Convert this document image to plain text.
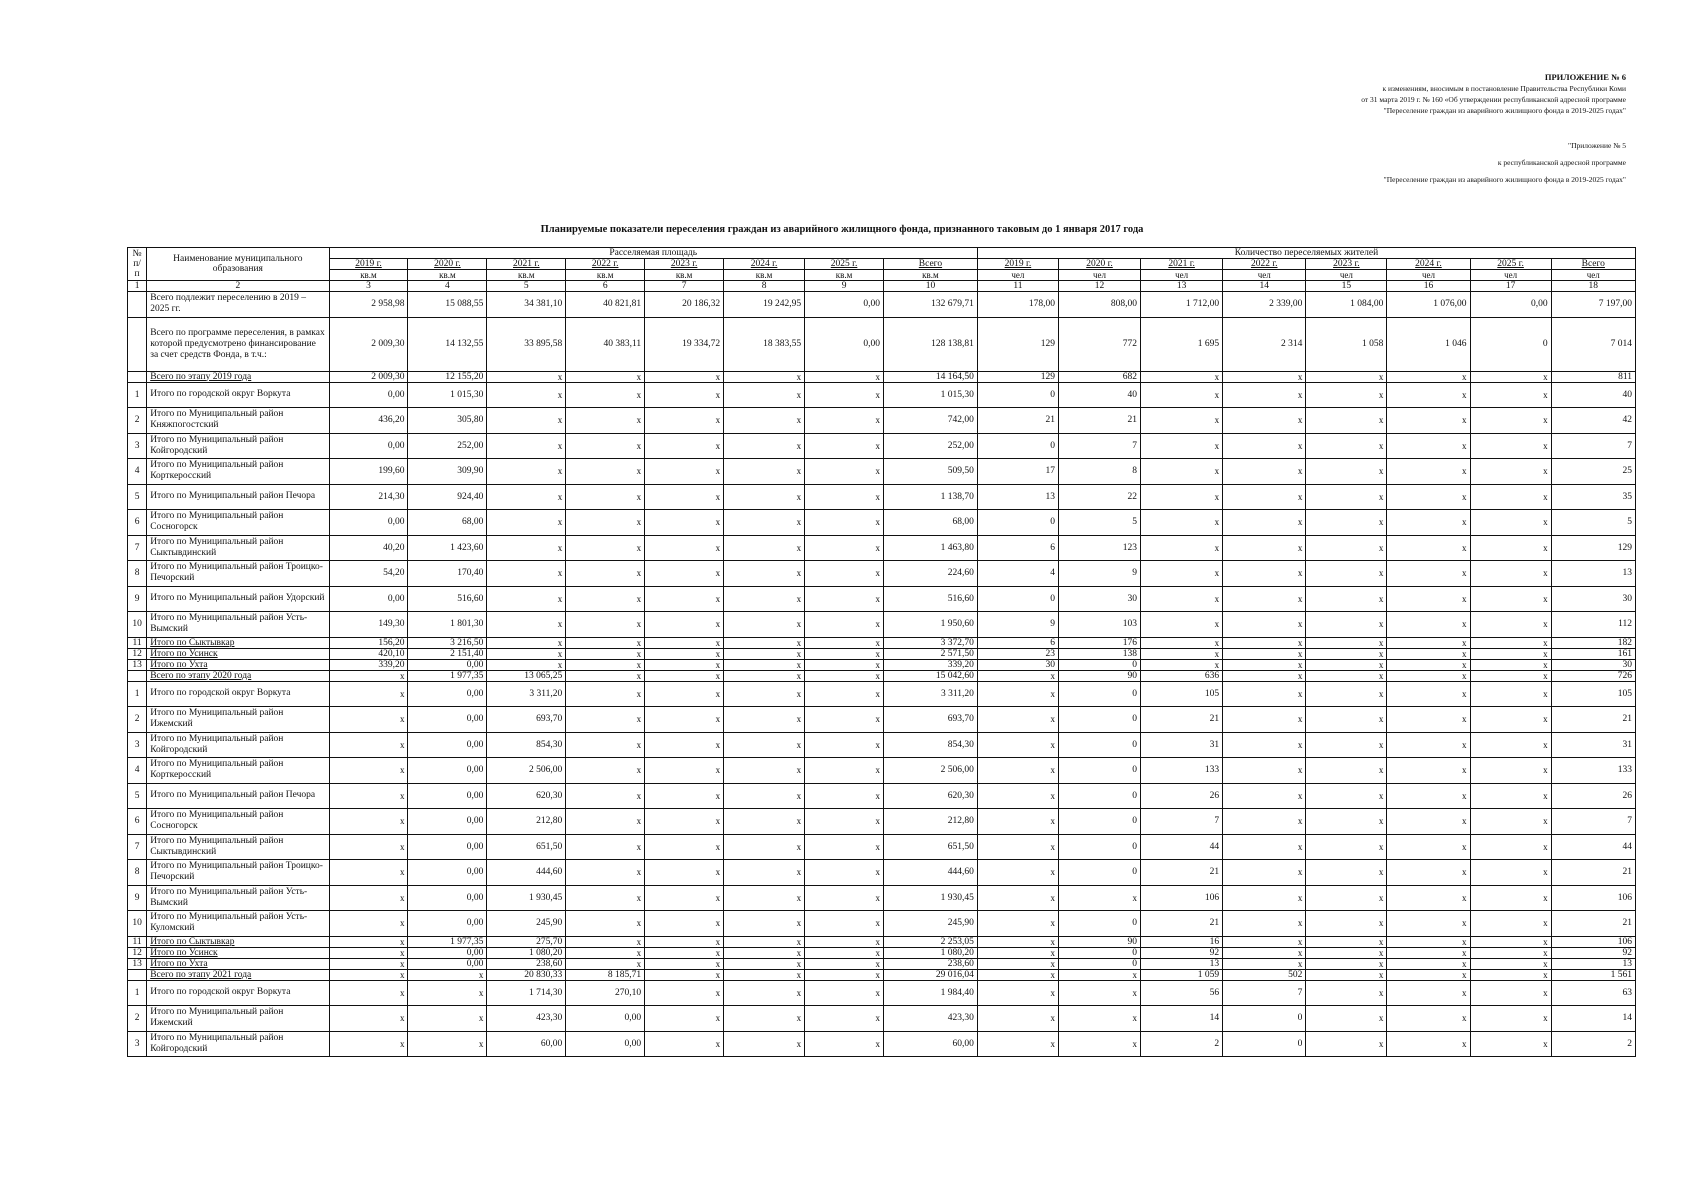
ПРИЛОЖЕНИЕ № 6
к изменениям, вносимым в постановление Правительства Республики Коми
от 31 марта 2019 г. № 160 «Об утверждении республиканской адресной программе
"Переселение граждан из аварийного жилищного фонда в 2019-2025 годах"
"Приложение № 5
к республиканской адресной программе
"Переселение граждан из аварийного жилищного фонда в 2019-2025 годах"
Планируемые показатели переселения граждан из аварийного жилищного фонда, признанного таковым до 1 января 2017 года
№ п/п	Наименование муниципального образования	Расселяемая площадь								Количество переселяемых жителей							
		2019 г.	2020 г.	2021 г.	2022 г.	2023 г.	2024 г.	2025 г.	Всего	2019 г.	2020 г.	2021 г.	2022 г.	2023 г.	2024 г.	2025 г.	Всего
		кв.м	кв.м	кв.м	кв.м	кв.м	кв.м	кв.м	кв.м	чел	чел	чел	чел	чел	чел	чел	чел
1	2	3	4	5	6	7	8	9	10	11	12	13	14	15	16	17	18
	Всего подлежит переселению в 2019 – 2025 гг.	2 958,98	15 088,55	34 381,10	40 821,81	20 186,32	19 242,95	0,00	132 679,71	178,00	808,00	1 712,00	2 339,00	1 084,00	1 076,00	0,00	7 197,00
	Всего по программе переселения, в рамках которой предусмотрено финансирование за счет средств Фонда, в т.ч.:	2 009,30	14 132,55	33 895,58	40 383,11	19 334,72	18 383,55	0,00	128 138,81	129	772	1 695	2 314	1 058	1 046	0	7 014
	Всего по этапу 2019 года	2 009,30	12 155,20	x	x	x	x	x	14 164,50	129	682	x	x	x	x	x	811
1	Итого по городской округ Воркута	0,00	1 015,30	x	x	x	x	x	1 015,30	0	40	x	x	x	x	x	40
2	Итого по Муниципальный район Княжпогостский	436,20	305,80	x	x	x	x	x	742,00	21	21	x	x	x	x	x	42
3	Итого по Муниципальный район Койгородский	0,00	252,00	x	x	x	x	x	252,00	0	7	x	x	x	x	x	7
4	Итого по Муниципальный район Корткеросский	199,60	309,90	x	x	x	x	x	509,50	17	8	x	x	x	x	x	25
5	Итого по Муниципальный район Печора	214,30	924,40	x	x	x	x	x	1 138,70	13	22	x	x	x	x	x	35
6	Итого по Муниципальный район Сосногорск	0,00	68,00	x	x	x	x	x	68,00	0	5	x	x	x	x	x	5
7	Итого по Муниципальный район Сыктывдинский	40,20	1 423,60	x	x	x	x	x	1 463,80	6	123	x	x	x	x	x	129
8	Итого по Муниципальный район Троицко-Печорский	54,20	170,40	x	x	x	x	x	224,60	4	9	x	x	x	x	x	13
9	Итого по Муниципальный район Удорский	0,00	516,60	x	x	x	x	x	516,60	0	30	x	x	x	x	x	30
10	Итого по Муниципальный район Усть-Вымский	149,30	1 801,30	x	x	x	x	x	1 950,60	9	103	x	x	x	x	x	112
11	Итого по Сыктывкар	156,20	3 216,50	x	x	x	x	x	3 372,70	6	176	x	x	x	x	x	182
12	Итого по Усинск	420,10	2 151,40	x	x	x	x	x	2 571,50	23	138	x	x	x	x	x	161
13	Итого по Ухта	339,20	0,00	x	x	x	x	x	339,20	30	0	x	x	x	x	x	30
	Всего по этапу 2020 года	x	1 977,35	13 065,25	x	x	x	x	15 042,60	x	90	636	x	x	x	x	726
1	Итого по городской округ Воркута	x	0,00	3 311,20	x	x	x	x	3 311,20	x	0	105	x	x	x	x	105
2	Итого по Муниципальный район Ижемский	x	0,00	693,70	x	x	x	x	693,70	x	0	21	x	x	x	x	21
3	Итого по Муниципальный район Койгородский	x	0,00	854,30	x	x	x	x	854,30	x	0	31	x	x	x	x	31
4	Итого по Муниципальный район Корткеросский	x	0,00	2 506,00	x	x	x	x	2 506,00	x	0	133	x	x	x	x	133
5	Итого по Муниципальный район Печора	x	0,00	620,30	x	x	x	x	620,30	x	0	26	x	x	x	x	26
6	Итого по Муниципальный район Сосногорск	x	0,00	212,80	x	x	x	x	212,80	x	0	7	x	x	x	x	7
7	Итого по Муниципальный район Сыктывдинский	x	0,00	651,50	x	x	x	x	651,50	x	0	44	x	x	x	x	44
8	Итого по Муниципальный район Троицко-Печорский	x	0,00	444,60	x	x	x	x	444,60	x	0	21	x	x	x	x	21
9	Итого по Муниципальный район Усть-Вымский	x	0,00	1 930,45	x	x	x	x	1 930,45	x	x	106	x	x	x	x	106
10	Итого по Муниципальный район Усть-Куломский	x	0,00	245,90	x	x	x	x	245,90	x	0	21	x	x	x	x	21
11	Итого по Сыктывкар	x	1 977,35	275,70	x	x	x	x	2 253,05	x	90	16	x	x	x	x	106
12	Итого по Усинск	x	0,00	1 080,20	x	x	x	x	1 080,20	x	0	92	x	x	x	x	92
13	Итого по Ухта	x	0,00	238,60	x	x	x	x	238,60	x	0	13	x	x	x	x	13
	Всего по этапу 2021 года	x	x	20 830,33	8 185,71	x	x	x	29 016,04	x	x	1 059	502	x	x	x	1 561
1	Итого по городской округ Воркута	x	x	1 714,30	270,10	x	x	x	1 984,40	x	x	56	7	x	x	x	63
2	Итого по Муниципальный район Ижемский	x	x	423,30	0,00	x	x	x	423,30	x	x	14	0	x	x	x	14
3	Итого по Муниципальный район Койгородский	x	x	60,00	0,00	x	x	x	60,00	x	x	2	0	x	x	x	2
